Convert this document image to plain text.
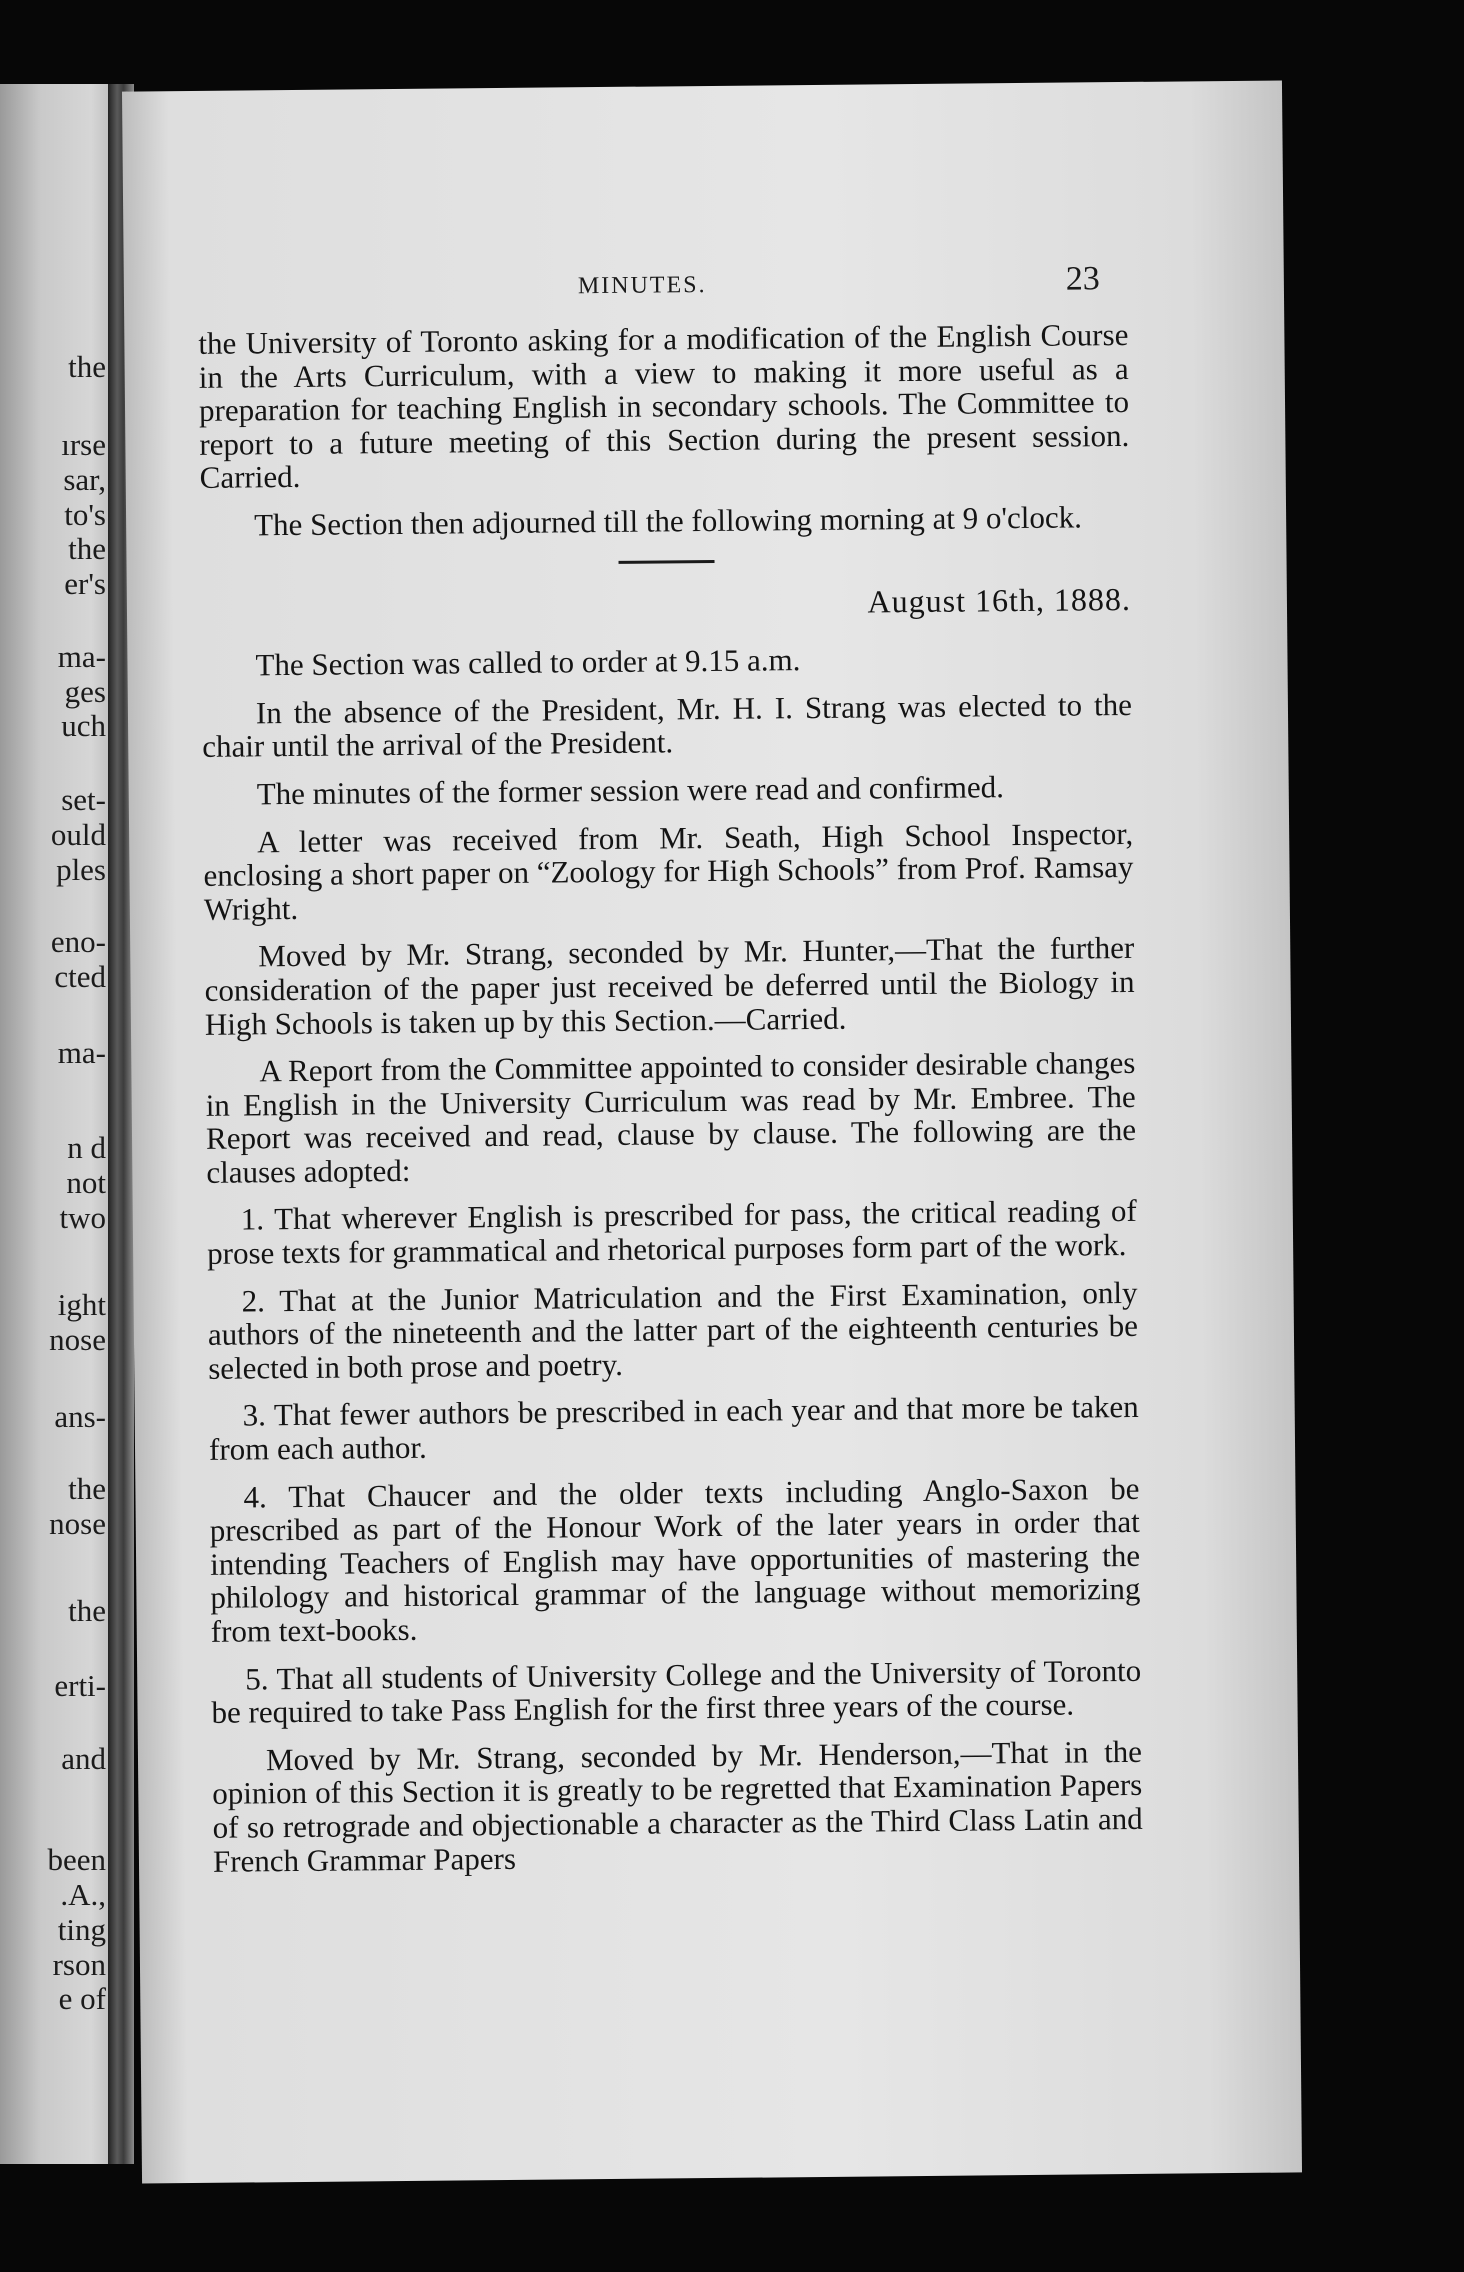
the
ırse
sar,
to's
the
er's
ma-
ges
uch
set-
ould
ples
eno-
cted
ma-
n d
not
two
ight
nose
ans-
the
nose
the
erti-
and
been
.A.,
ting
rson
e of
MINUTES.	23

the University of Toronto asking for a modification of the English Course in the Arts Curriculum, with a view to making it more useful as a preparation for teaching English in secondary schools. The Committee to report to a future meeting of this Section during the present session. Carried.

The Section then adjourned till the following morning at 9 o'clock.

August 16th, 1888.

The Section was called to order at 9.15 a.m.

In the absence of the President, Mr. H. I. Strang was elected to the chair until the arrival of the President.

The minutes of the former session were read and confirmed.

A letter was received from Mr. Seath, High School Inspector, enclosing a short paper on “Zoology for High Schools” from Prof. Ramsay Wright.

Moved by Mr. Strang, seconded by Mr. Hunter,—That the further consideration of the paper just received be deferred until the Biology in High Schools is taken up by this Section.—Carried.

A Report from the Committee appointed to consider desirable changes in English in the University Curriculum was read by Mr. Embree. The Report was received and read, clause by clause. The following are the clauses adopted:

1. That wherever English is prescribed for pass, the critical reading of prose texts for grammatical and rhetorical purposes form part of the work.

2. That at the Junior Matriculation and the First Examination, only authors of the nineteenth and the latter part of the eighteenth centuries be selected in both prose and poetry.

3. That fewer authors be prescribed in each year and that more be taken from each author.

4. That Chaucer and the older texts including Anglo-Saxon be prescribed as part of the Honour Work of the later years in order that intending Teachers of English may have opportunities of mastering the philology and historical grammar of the language without memorizing from text-books.

5. That all students of University College and the University of Toronto be required to take Pass English for the first three years of the course.

Moved by Mr. Strang, seconded by Mr. Henderson,—That in the opinion of this Section it is greatly to be regretted that Examination Papers of so retrograde and objectionable a character as the Third Class Latin and French Grammar Papers
